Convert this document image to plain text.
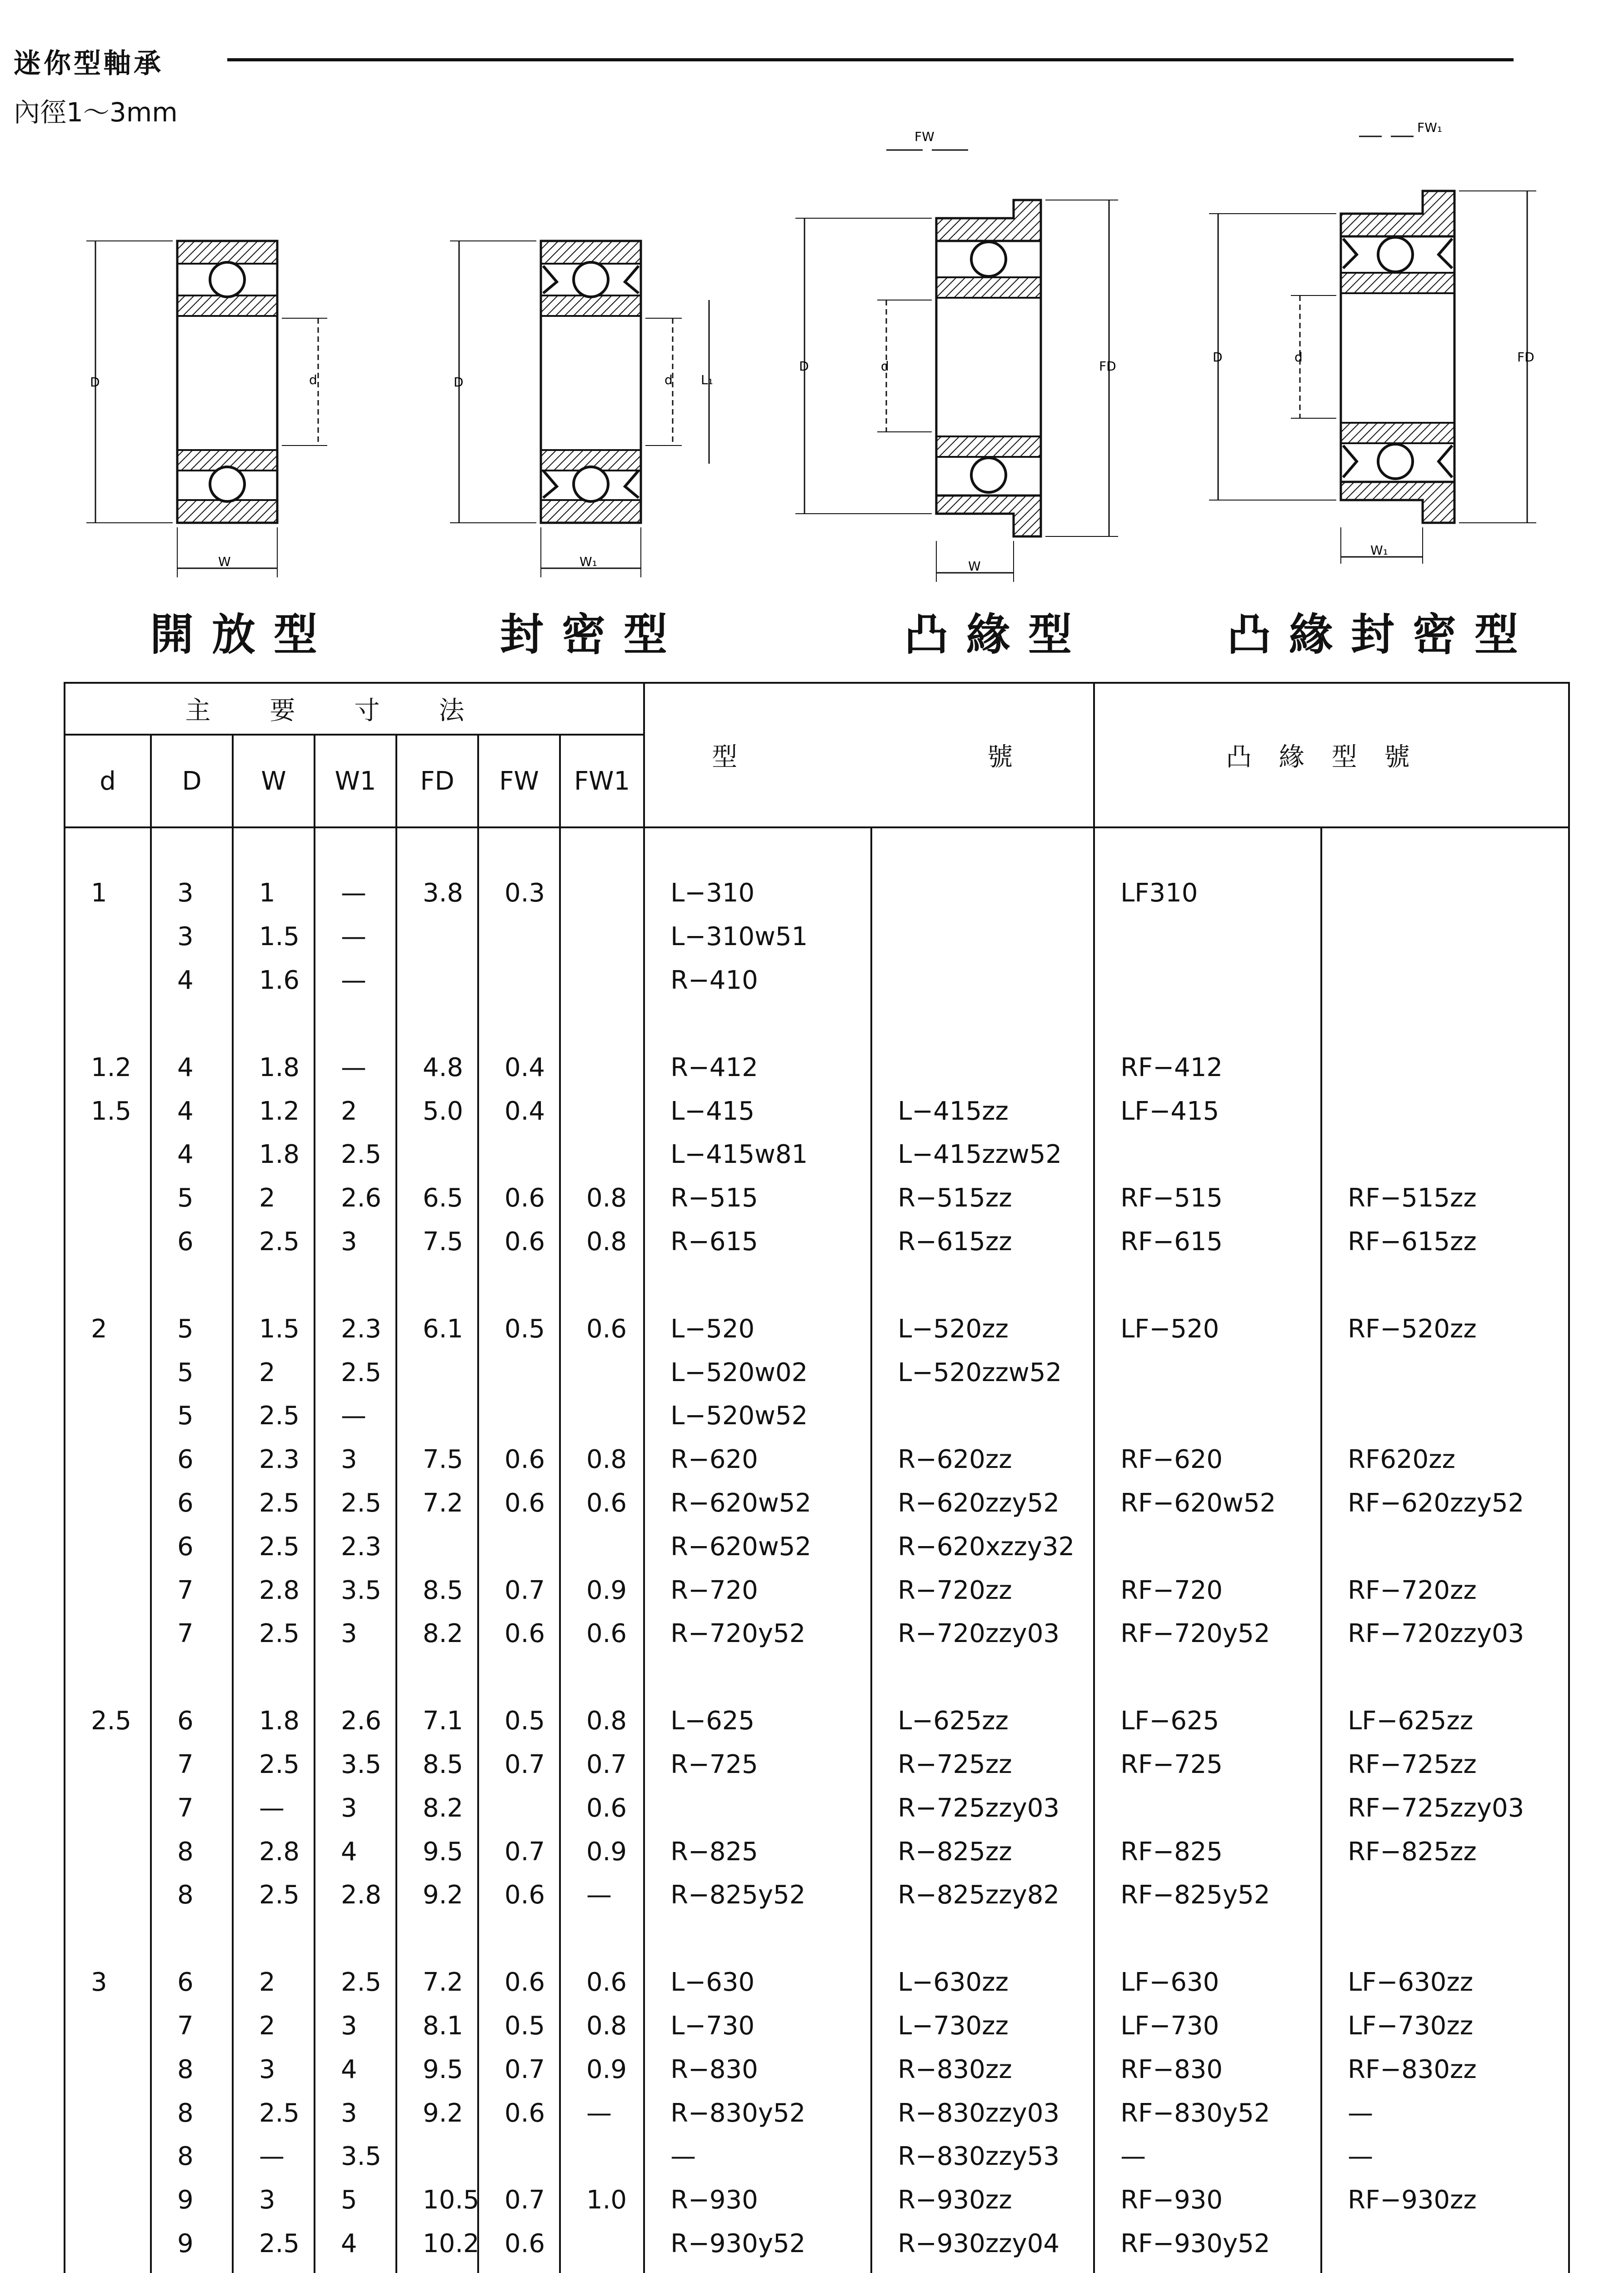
迷你型軸承
內徑1〜3mm
D	d
W
D	d L₁
W₁
FW
D	d	FD
W
FW₁
D	d	FD
W₁
開放型	封密型	凸緣型	凸緣封密型
主要寸法							型 號		凸緣型號	
d	D	W	W1	FD	FW	FW1				

1	3	1	—	3.8	0.3		L−310		LF310	
	3	1.5	—				L−310w51			
	4	1.6	—				R−410			

1.2	4	1.8	—	4.8	0.4		R−412		RF−412	
1.5	4	1.2	2	5.0	0.4		L−415	L−415zz	LF−415	
	4	1.8	2.5				L−415w81	L−415zzw52		
	5	2	2.6	6.5	0.6	0.8	R−515	R−515zz	RF−515	RF−515zz
	6	2.5	3	7.5	0.6	0.8	R−615	R−615zz	RF−615	RF−615zz

2	5	1.5	2.3	6.1	0.5	0.6	L−520	L−520zz	LF−520	RF−520zz
	5	2	2.5				L−520w02	L−520zzw52		
	5	2.5	—				L−520w52			
	6	2.3	3	7.5	0.6	0.8	R−620	R−620zz	RF−620	RF620zz
	6	2.5	2.5	7.2	0.6	0.6	R−620w52	R−620zzy52	RF−620w52	RF−620zzy52
	6	2.5	2.3				R−620w52	R−620xzzy32		
	7	2.8	3.5	8.5	0.7	0.9	R−720	R−720zz	RF−720	RF−720zz
	7	2.5	3	8.2	0.6	0.6	R−720y52	R−720zzy03	RF−720y52	RF−720zzy03

2.5	6	1.8	2.6	7.1	0.5	0.8	L−625	L−625zz	LF−625	LF−625zz
	7	2.5	3.5	8.5	0.7	0.7	R−725	R−725zz	RF−725	RF−725zz
	7	—	3	8.2		0.6		R−725zzy03		RF−725zzy03
	8	2.8	4	9.5	0.7	0.9	R−825	R−825zz	RF−825	RF−825zz
	8	2.5	2.8	9.2	0.6	—	R−825y52	R−825zzy82	RF−825y52	

3	6	2	2.5	7.2	0.6	0.6	L−630	L−630zz	LF−630	LF−630zz
	7	2	3	8.1	0.5	0.8	L−730	L−730zz	LF−730	LF−730zz
	8	3	4	9.5	0.7	0.9	R−830	R−830zz	RF−830	RF−830zz
	8	2.5	3	9.2	0.6	—	R−830y52	R−830zzy03	RF−830y52	—
	8	—	3.5				—	R−830zzy53	—	—
	9	3	5	10.5	0.7	1.0	R−930	R−930zz	RF−930	RF−930zz
	9	2.5	4	10.2	0.6		R−930y52	R−930zzy04	RF−930y52	
